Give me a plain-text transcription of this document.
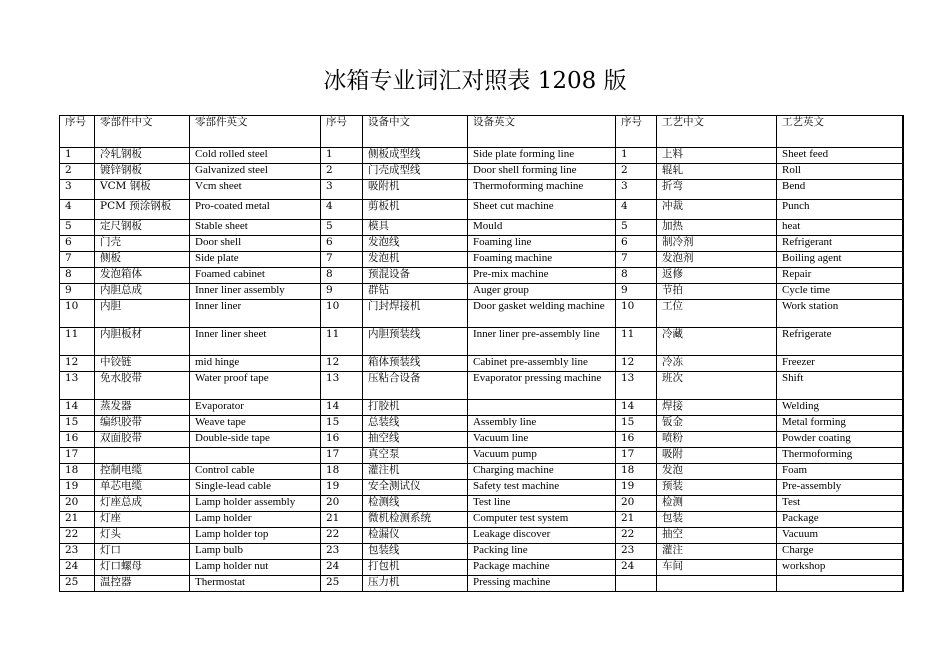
冰箱专业词汇对照表 1208 版
序号	零部件中文	零部件英文	序号	设备中文	设备英文	序号	工艺中文	工艺英文
1	冷轧钢板	Cold rolled steel	1	侧板成型线	Side plate forming line	1	上料	Sheet feed
2	镀锌钢板	Galvanized steel	2	门壳成型线	Door shell forming line	2	辊轧	Roll
3	VCM 钢板	Vcm sheet	3	吸附机	Thermoforming machine	3	折弯	Bend
4	PCM 预涂钢板	Pro-coated metal	4	剪板机	Sheet cut machine	4	冲裁	Punch
5	定尺钢板	Stable sheet	5	模具	Mould	5	加热	heat
6	门壳	Door shell	6	发泡线	Foaming line	6	制冷剂	Refrigerant
7	侧板	Side plate	7	发泡机	Foaming machine	7	发泡剂	Boiling agent
8	发泡箱体	Foamed cabinet	8	预混设备	Pre-mix machine	8	返修	Repair
9	内胆总成	Inner liner assembly	9	群钻	Auger group	9	节拍	Cycle time
10	内胆	Inner liner	10	门封焊接机	Door gasket welding machine	10	工位	Work station
11	内胆板材	Inner liner sheet	11	内胆预装线	Inner liner pre-assembly line	11	冷藏	Refrigerate
12	中铰链	mid hinge	12	箱体预装线	Cabinet pre-assembly line	12	冷冻	Freezer
13	免水胶带	Water proof tape	13	压粘合设备	Evaporator pressing machine	13	班次	Shift
14	蒸发器	Evaporator	14	打胶机		14	焊接	Welding
15	编织胶带	Weave tape	15	总装线	Assembly line	15	钣金	Metal forming
16	双面胶带	Double-side tape	16	抽空线	Vacuum line	16	喷粉	Powder coating
17			17	真空泵	Vacuum pump	17	吸附	Thermoforming
18	控制电缆	Control cable	18	灌注机	Charging machine	18	发泡	Foam
19	单芯电缆	Single-lead cable	19	安全测试仪	Safety test machine	19	预装	Pre-assembly
20	灯座总成	Lamp holder assembly	20	检测线	Test line	20	检测	Test
21	灯座	Lamp holder	21	微机检测系统	Computer test system	21	包装	Package
22	灯头	Lamp holder top	22	检漏仪	Leakage discover	22	抽空	Vacuum
23	灯口	Lamp bulb	23	包装线	Packing line	23	灌注	Charge
24	灯口螺母	Lamp holder nut	24	打包机	Package machine	24	车间	workshop
25	温控器	Thermostat	25	压力机	Pressing machine			
